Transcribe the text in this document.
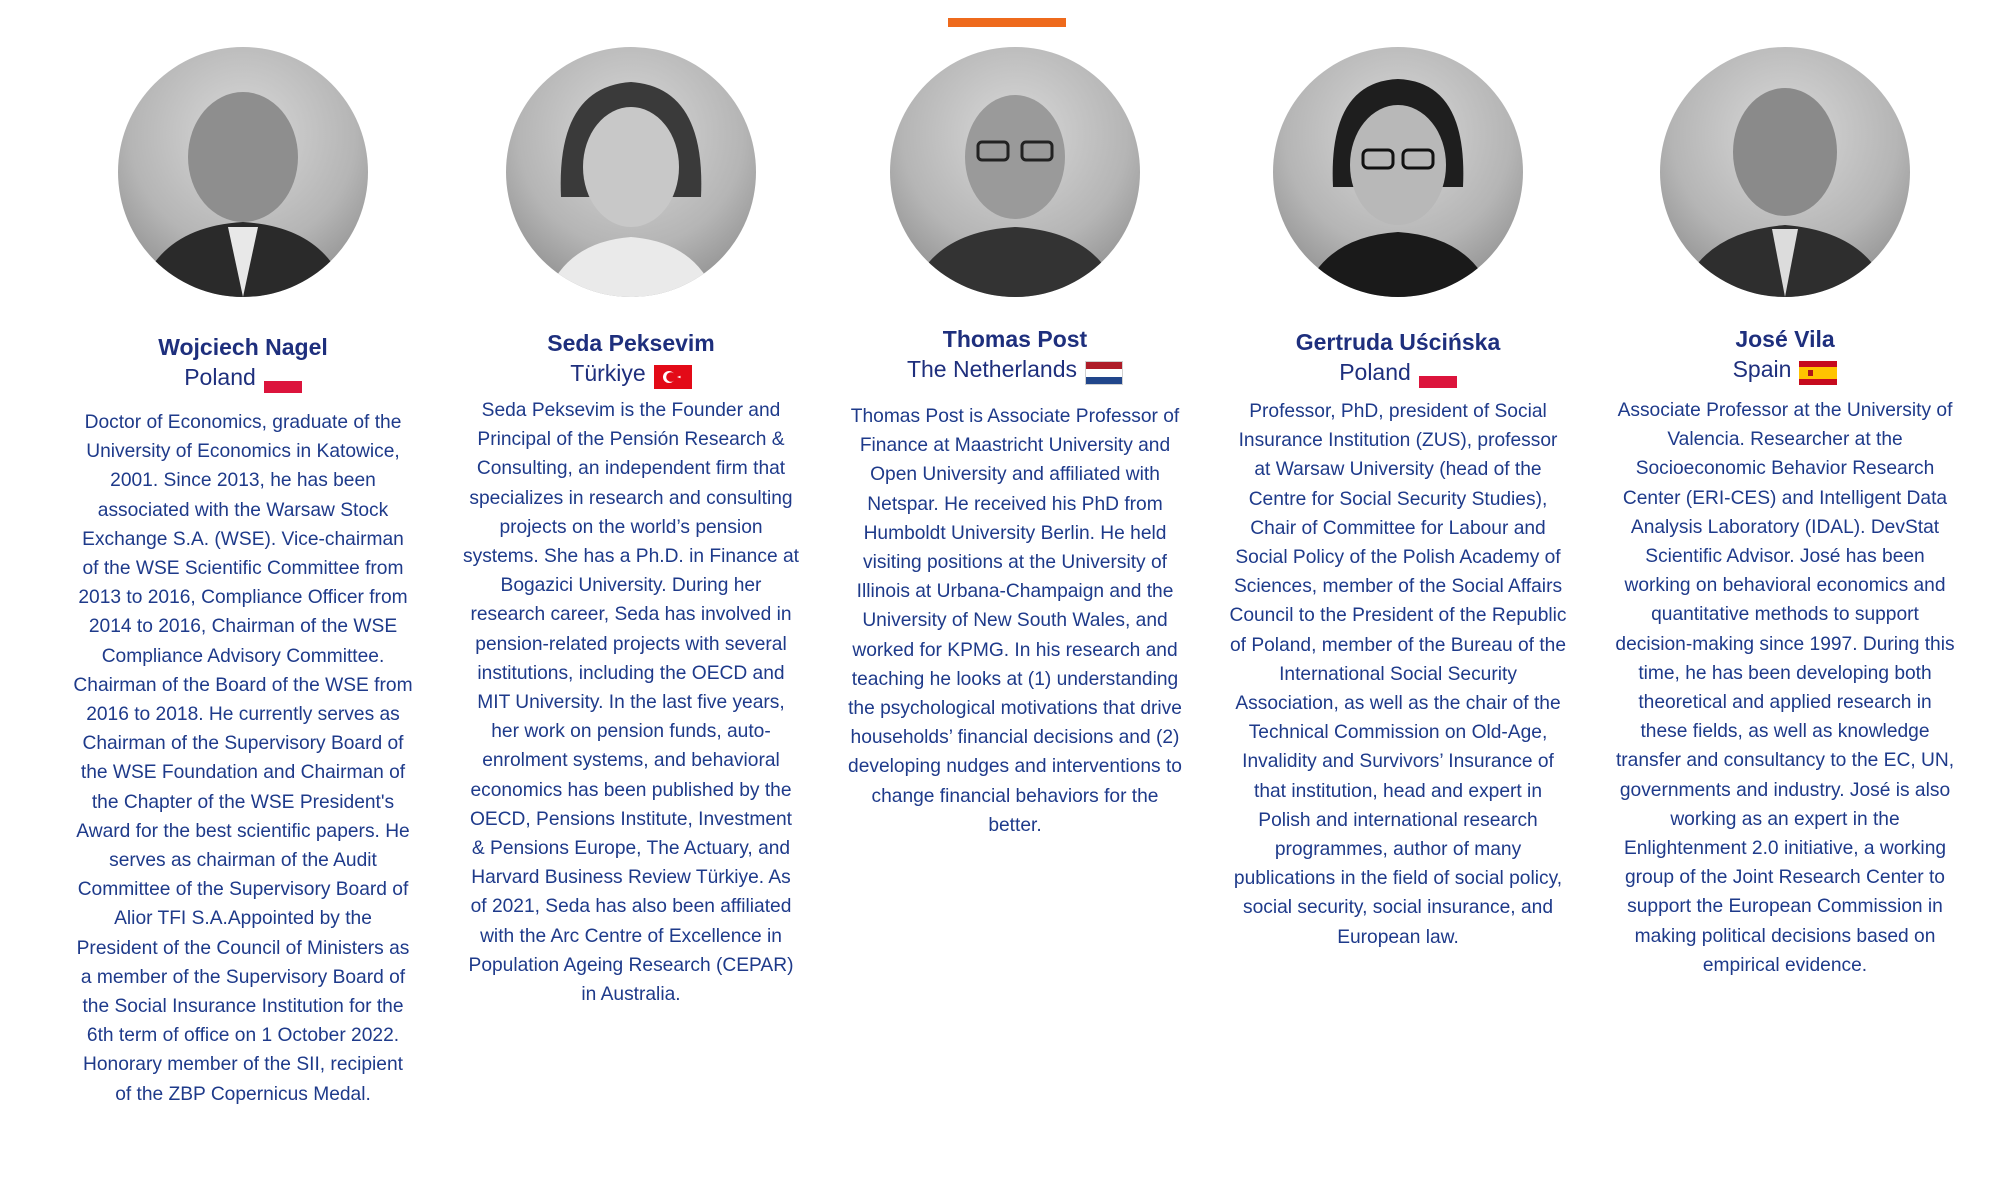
Wojciech Nagel
Poland

Doctor of Economics, graduate of the University of Economics in Katowice, 2001. Since 2013, he has been associated with the Warsaw Stock Exchange S.A. (WSE). Vice-chairman of the WSE Scientific Committee from 2013 to 2016, Compliance Officer from 2014 to 2016, Chairman of the WSE Compliance Advisory Committee. Chairman of the Board of the WSE from 2016 to 2018. He currently serves as Chairman of the Supervisory Board of the WSE Foundation and Chairman of the Chapter of the WSE President's Award for the best scientific papers. He serves as chairman of the Audit Committee of the Supervisory Board of Alior TFI S.A.Appointed by the President of the Council of Ministers as a member of the Supervisory Board of the Social Insurance Institution for the 6th term of office on 1 October 2022. Honorary member of the SII, recipient of the ZBP Copernicus Medal.

Seda Peksevim
Türkiye

Seda Peksevim is the Founder and Principal of the Pensión Research & Consulting, an independent firm that specializes in research and consulting projects on the world’s pension systems. She has a Ph.D. in Finance at Bogazici University. During her research career, Seda has involved in pension-related projects with several institutions, including the OECD and MIT University. In the last five years, her work on pension funds, auto-enrolment systems, and behavioral economics has been published by the OECD, Pensions Institute, Investment & Pensions Europe, The Actuary, and Harvard Business Review Türkiye. As of 2021, Seda has also been affiliated with the Arc Centre of Excellence in Population Ageing Research (CEPAR) in Australia.

Thomas Post
The Netherlands

Thomas Post is Associate Professor of Finance at Maastricht University and Open University and affiliated with Netspar. He received his PhD from Humboldt University Berlin. He held visiting positions at the University of Illinois at Urbana-Champaign and the University of New South Wales, and worked for KPMG. In his research and teaching he looks at (1) understanding the psychological motivations that drive households’ financial decisions and (2) developing nudges and interventions to change financial behaviors for the better.

Gertruda Uścińska
Poland

Professor, PhD, president of Social Insurance Institution (ZUS), professor at Warsaw University (head of the Centre for Social Security Studies), Chair of Committee for Labour and Social Policy of the Polish Academy of Sciences, member of the Social Affairs Council to the President of the Republic of Poland, member of the Bureau of the International Social Security Association, as well as the chair of the Technical Commission on Old-Age, Invalidity and Survivors’ Insurance of that institution, head and expert in Polish and international research programmes, author of many publications in the field of social policy, social security, social insurance, and European law.

José Vila
Spain

Associate Professor at the University of Valencia. Researcher at the Socioeconomic Behavior Research Center (ERI-CES) and Intelligent Data Analysis Laboratory (IDAL). DevStat Scientific Advisor. José has been working on behavioral economics and quantitative methods to support decision-making since 1997. During this time, he has been developing both theoretical and applied research in these fields, as well as knowledge transfer and consultancy to the EC, UN, governments and industry. José is also working as an expert in the Enlightenment 2.0 initiative, a working group of the Joint Research Center to support the European Commission in making political decisions based on empirical evidence.
